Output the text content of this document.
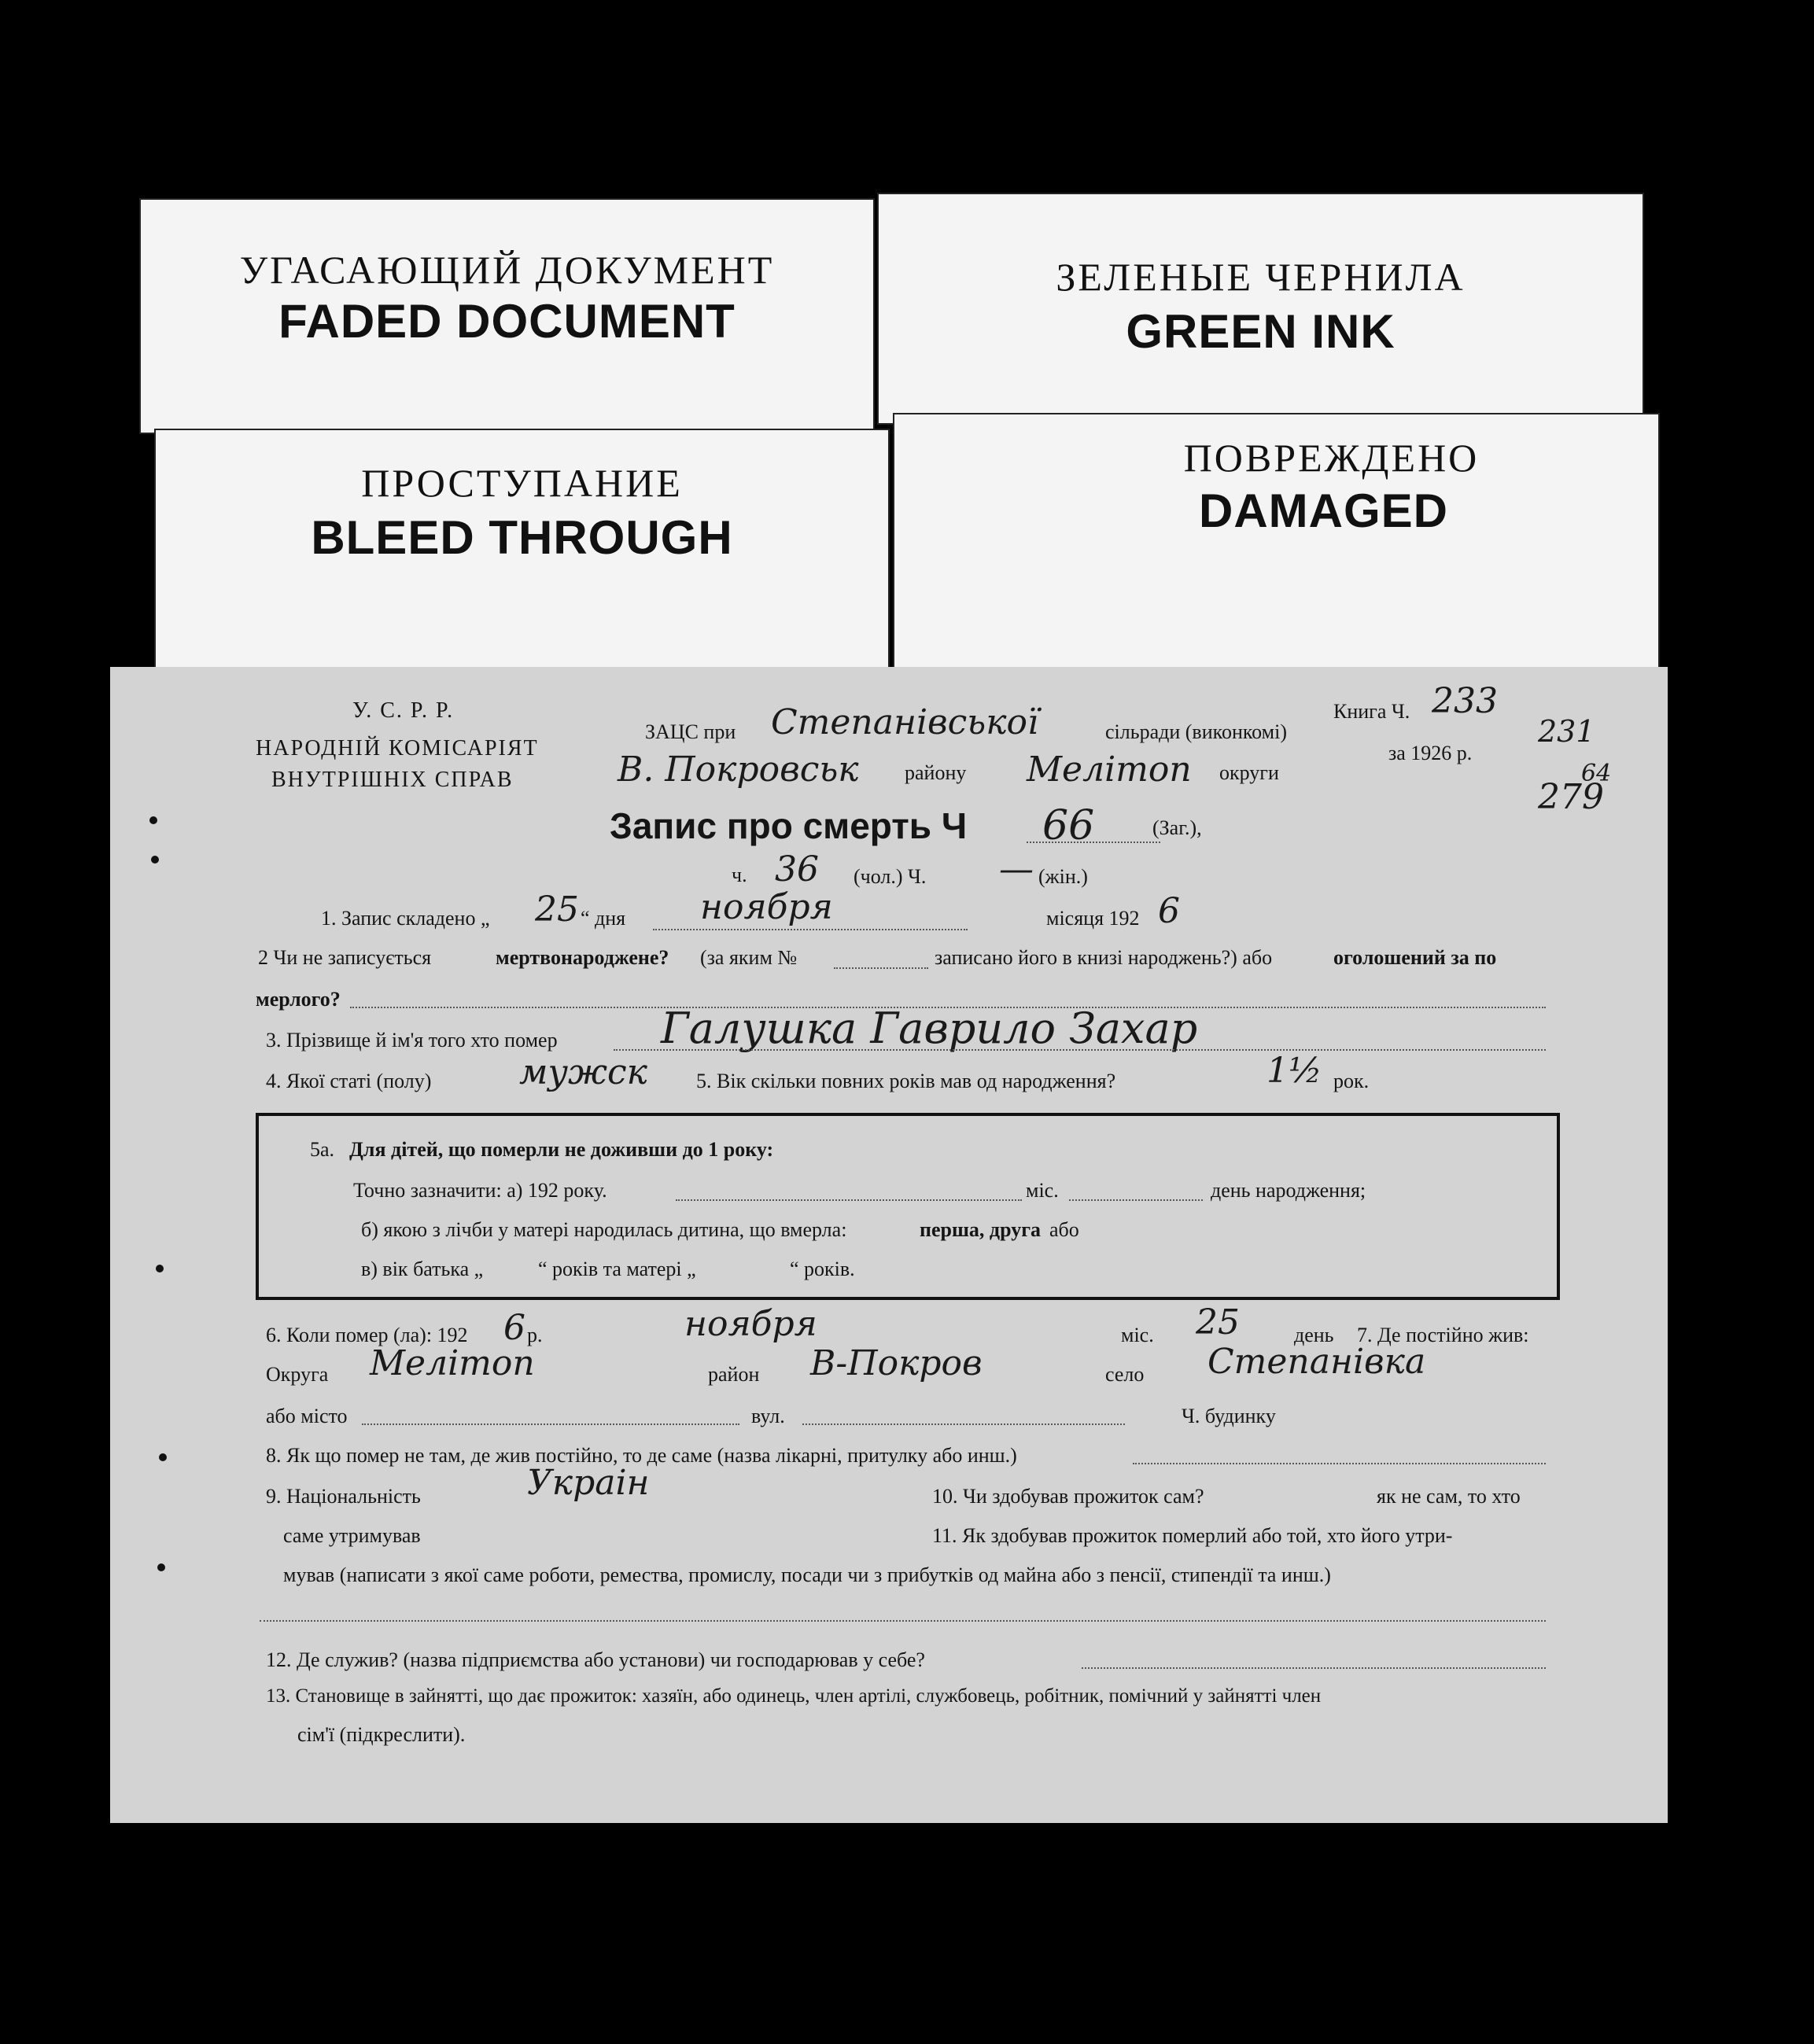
УГАСАЮЩИЙ ДОКУМЕНТ
FADED DOCUMENT
ЗЕЛЕНЫЕ ЧЕРНИЛА
GREEN INK
ПРОСТУПАНИЕ
BLEED THROUGH
ПОВРЕЖДЕНО
DAMAGED
У. С. Р. Р.
НАРОДНІЙ КОМІСАРІЯТ
ВНУТРІШНІХ СПРАВ
ЗАЦС при Степанівської	сільради (виконкомі)
В. Покровськ району Мелітоп округи
Книга Ч. 233
за 1926 р.
231
64
279
Запис про смерть Ч 66	(Заг.),
ч. 36 (чол.) Ч. — (жін.)
1. Запис складено „ 25 “ дня ноября	місяця 192 6
2 Чи не записується	мертвонароджене? (за яким №	записано його в книзі народжень?) або	оголошений за по
мерлого?
3. Прізвище й ім'я того хто помер Галушка Гаврило Захар
4. Якої статі (полу)	мужск 5. Вік скільки повних років мав од народження?	1½ рок.
5а. Для дітей, що померли не доживши до 1 року:
Точно зазначити: а) 192 року.	міс.	день народження;
б) якою з лічби у матері народилась дитина, що вмерла:	перша, друга або
в) вік батька „	“ років та матері „	“ років.
6. Коли помер (ла): 192 6 р.	ноября	міс. 25	день 7. Де постійно жив:
Округа Мелітоп	район В-Покров	село Степанівка
або місто	вул.	Ч. будинку
8. Як що помер не там, де жив постійно, то де саме (назва лікарні, притулку або инш.)
9. Національність	Украін	10. Чи здобував прожиток сам?	як не сам, то хто
саме утримував	11. Як здобував прожиток померлий або той, хто його утри-
мував (написати з якої саме роботи, ремества, промислу, посади чи з прибутків од майна або з пенсії, стипендії та инш.)
12. Де служив? (назва підприємства або установи) чи господарював у себе?
13. Становище в зайнятті, що дає прожиток: хазяїн, або одинець, член артілі, службовець, робітник, помічний у зайнятті член
сім'ї (підкреслити).
